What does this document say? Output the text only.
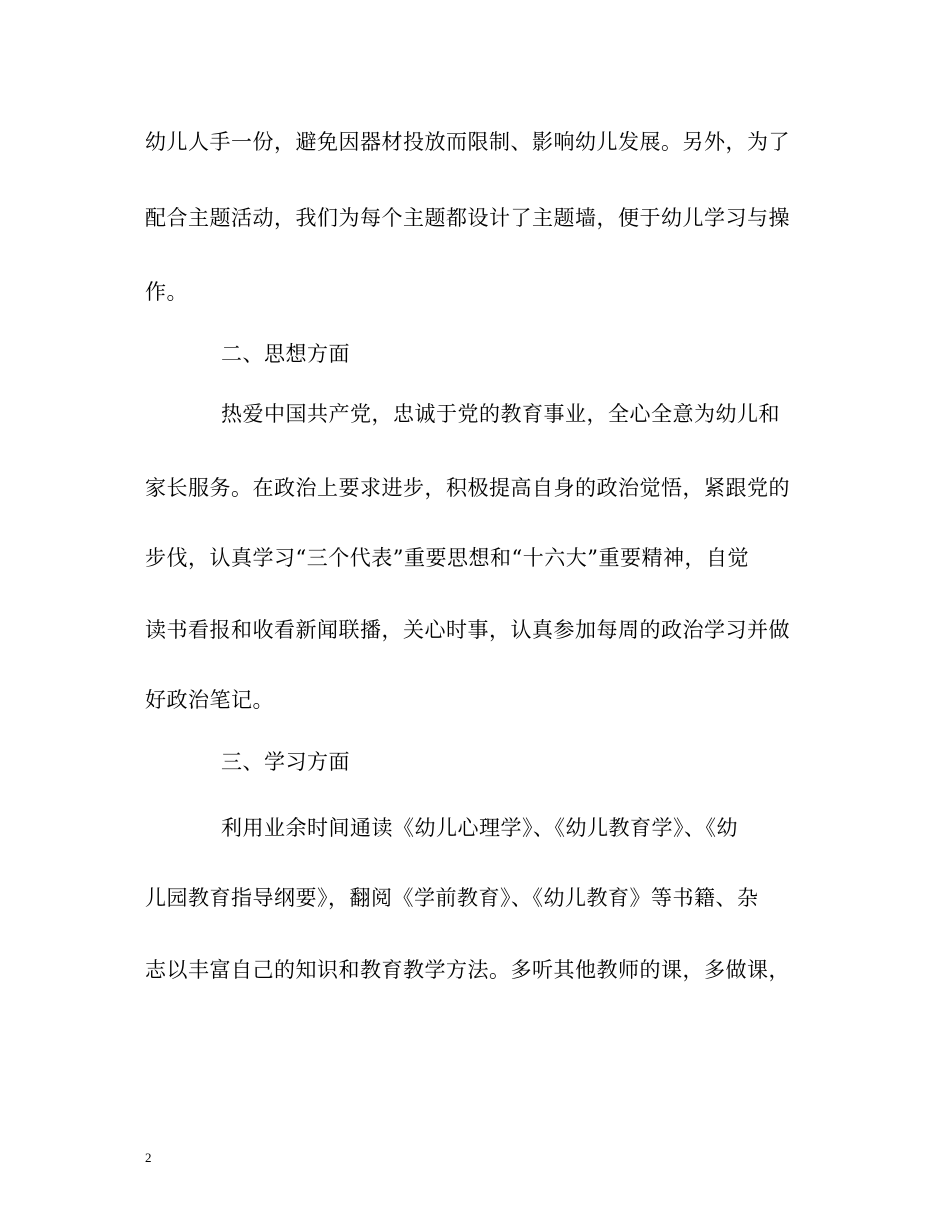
幼儿人手一份，避免因器材投放而限制、影响幼儿发展。另外，为了
配合主题活动，我们为每个主题都设计了主题墙，便于幼儿学习与操
作。
二、思想方面
热爱中国共产党，忠诚于党的教育事业，全心全意为幼儿和
家长服务。在政治上要求进步，积极提高自身的政治觉悟，紧跟党的
步伐，认真学习“三个代表”重要思想和“十六大”重要精神，自觉
读书看报和收看新闻联播，关心时事，认真参加每周的政治学习并做
好政治笔记。
三、学习方面
利用业余时间通读《幼儿心理学》、《幼儿教育学》、《幼
儿园教育指导纲要》，翻阅《学前教育》、《幼儿教育》等书籍、杂
志以丰富自己的知识和教育教学方法。多听其他教师的课，多做课，
2
